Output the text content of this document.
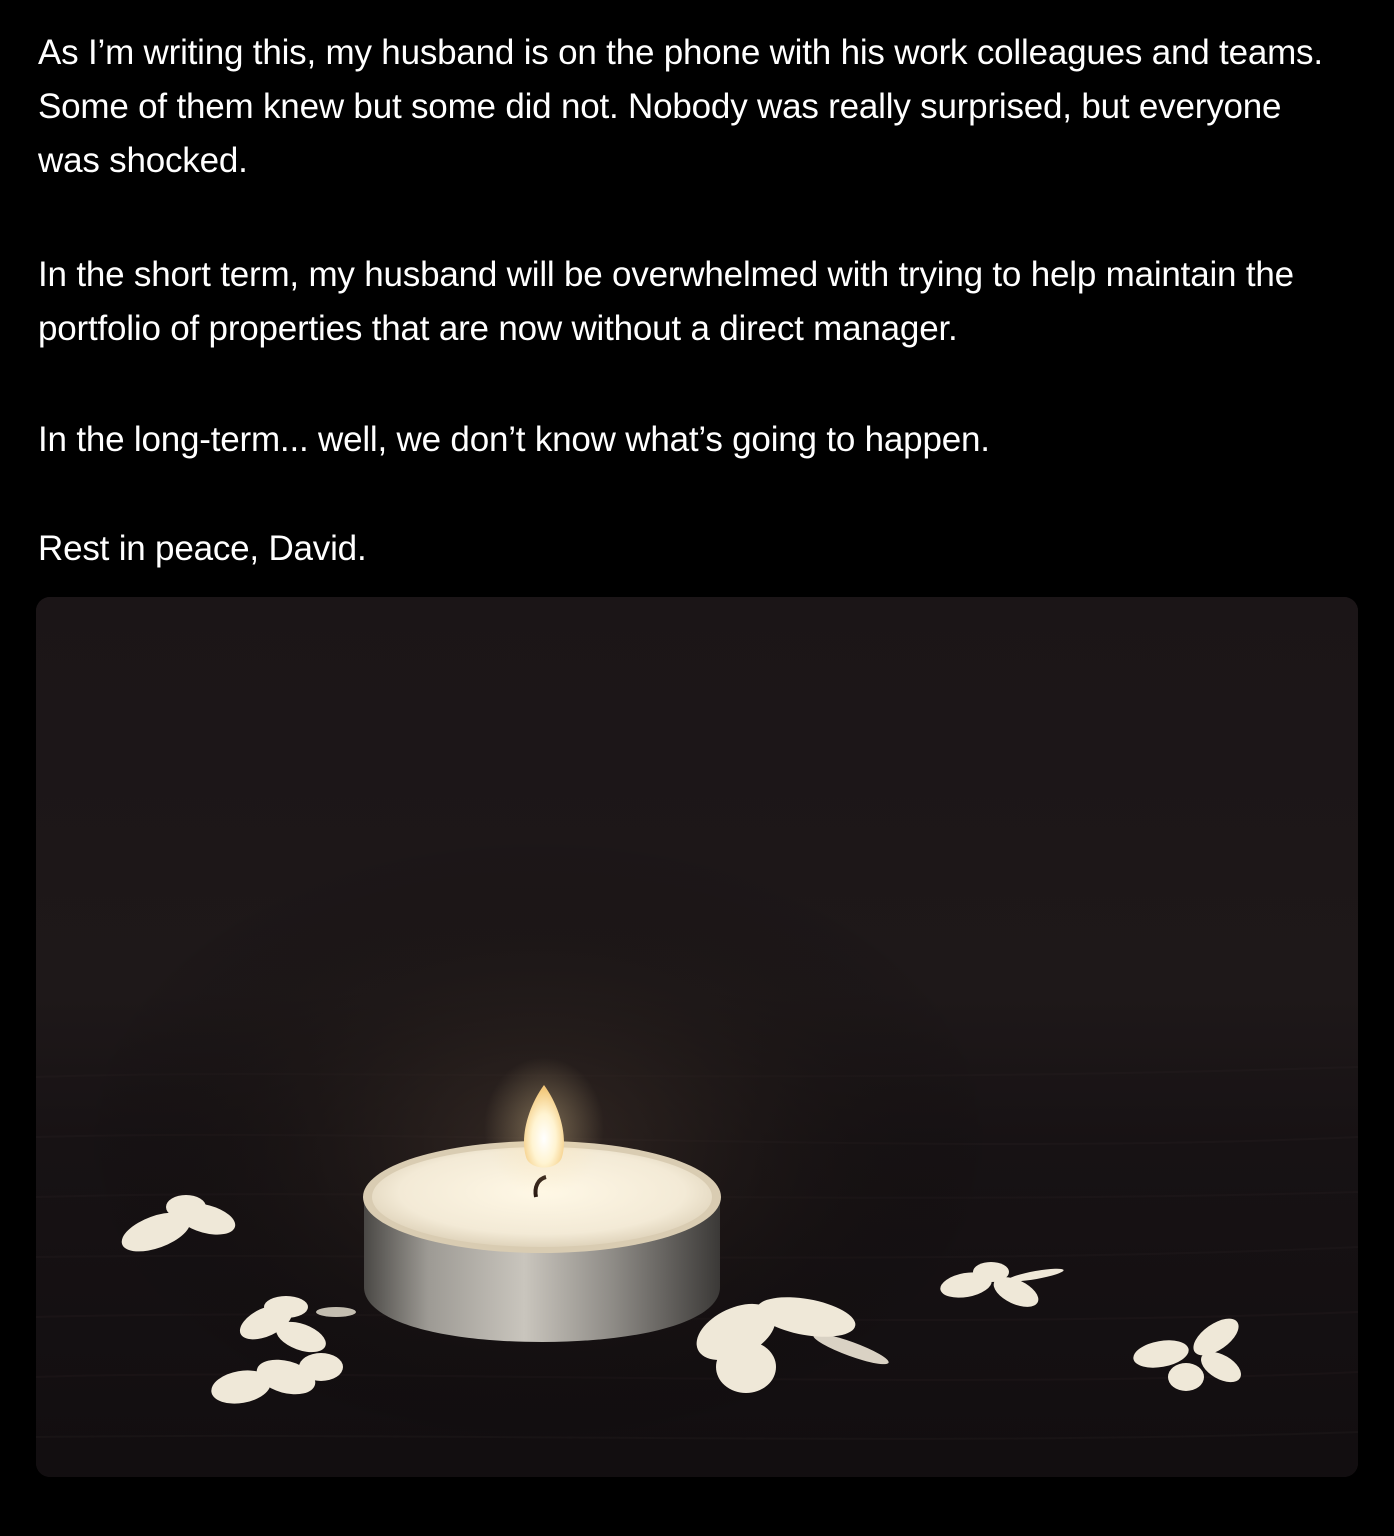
As I’m writing this, my husband is on the phone with his work colleagues and teams. Some of them knew but some did not. Nobody was really surprised, but everyone was shocked.

In the short term, my husband will be overwhelmed with trying to help maintain the portfolio of properties that are now without a direct manager.

In the long-term... well, we don’t know what’s going to happen.

Rest in peace, David.
